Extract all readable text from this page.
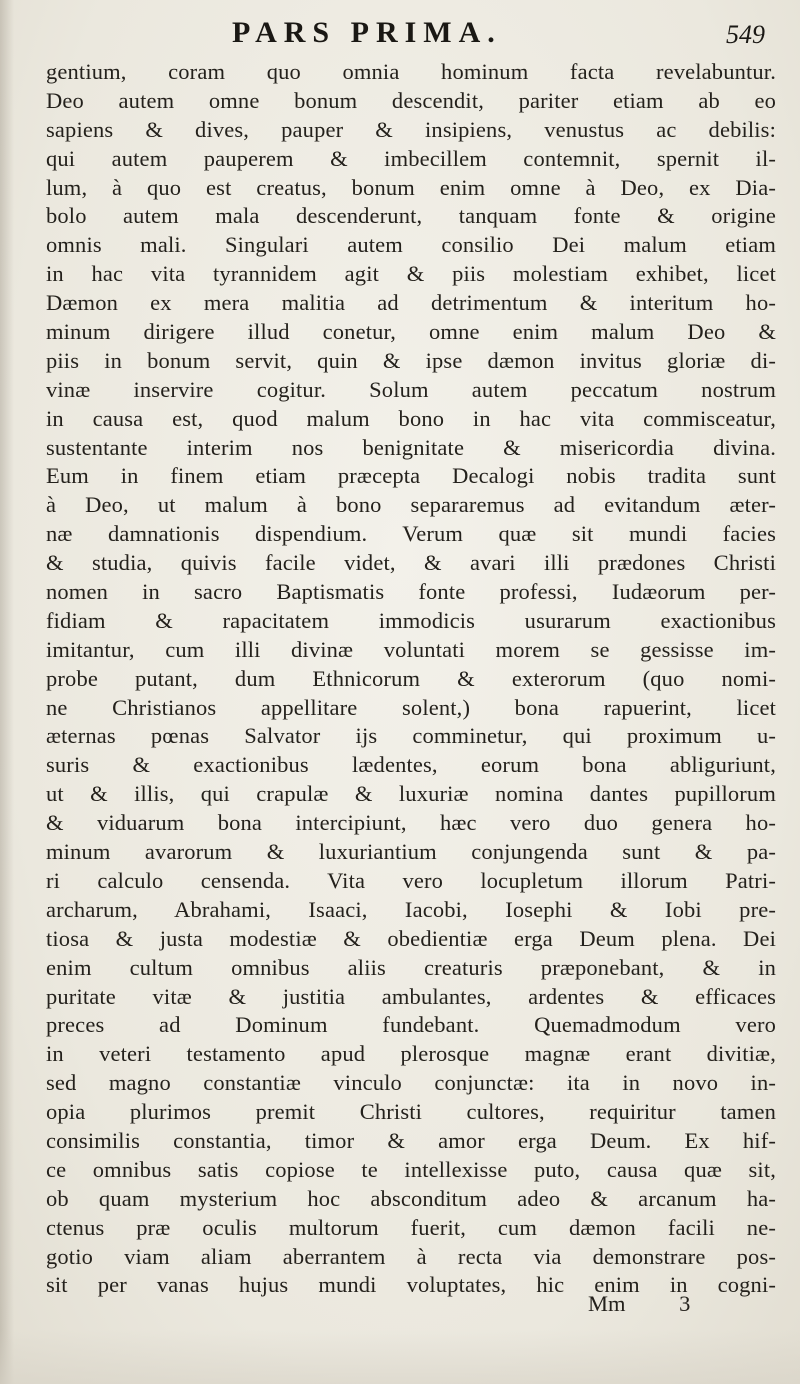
PARS PRIMA.	549
gentium, coram quo omnia hominum facta revelabuntur.
Deo autem omne bonum descendit, pariter etiam ab eo
sapiens & dives, pauper & insipiens, venustus ac debilis:
qui autem pauperem & imbecillem contemnit, spernit il-
lum, à quo est creatus, bonum enim omne à Deo, ex Dia-
bolo autem mala descenderunt, tanquam fonte & origine
omnis mali. Singulari autem consilio Dei malum etiam
in hac vita tyrannidem agit & piis molestiam exhibet, licet
Dæmon ex mera malitia ad detrimentum & interitum ho-
minum dirigere illud conetur, omne enim malum Deo &
piis in bonum servit, quin & ipse dæmon invitus gloriæ di-
vinæ inservire cogitur. Solum autem peccatum nostrum
in causa est, quod malum bono in hac vita commisceatur,
sustentante interim nos benignitate & misericordia divina.
Eum in finem etiam præcepta Decalogi nobis tradita sunt
à Deo, ut malum à bono separaremus ad evitandum æter-
næ damnationis dispendium. Verum quæ sit mundi facies
& studia, quivis facile videt, & avari illi prædones Christi
nomen in sacro Baptismatis fonte professi, Iudæorum per-
fidiam & rapacitatem immodicis usurarum exactionibus
imitantur, cum illi divinæ voluntati morem se gessisse im-
probe putant, dum Ethnicorum & exterorum (quo nomi-
ne Christianos appellitare solent,) bona rapuerint, licet
æternas pœnas Salvator ijs comminetur, qui proximum u-
suris & exactionibus lædentes, eorum bona abliguriunt,
ut & illis, qui crapulæ & luxuriæ nomina dantes pupillorum
& viduarum bona intercipiunt, hæc vero duo genera ho-
minum avarorum & luxuriantium conjungenda sunt & pa-
ri calculo censenda. Vita vero locupletum illorum Patri-
archarum, Abrahami, Isaaci, Iacobi, Iosephi & Iobi pre-
tiosa & justa modestiæ & obedientiæ erga Deum plena. Dei
enim cultum omnibus aliis creaturis præponebant, & in
puritate vitæ & justitia ambulantes, ardentes & efficaces
preces ad Dominum fundebant. Quemadmodum vero
in veteri testamento apud plerosque magnæ erant divitiæ,
sed magno constantiæ vinculo conjunctæ: ita in novo in-
opia plurimos premit Christi cultores, requiritur tamen
consimilis constantia, timor & amor erga Deum. Ex hif-
ce omnibus satis copiose te intellexisse puto, causa quæ sit,
ob quam mysterium hoc absconditum adeo & arcanum ha-
ctenus præ oculis multorum fuerit, cum dæmon facili ne-
gotio viam aliam aberrantem à recta via demonstrare pos-
sit per vanas hujus mundi voluptates, hic enim in cogni-
Mm 3
